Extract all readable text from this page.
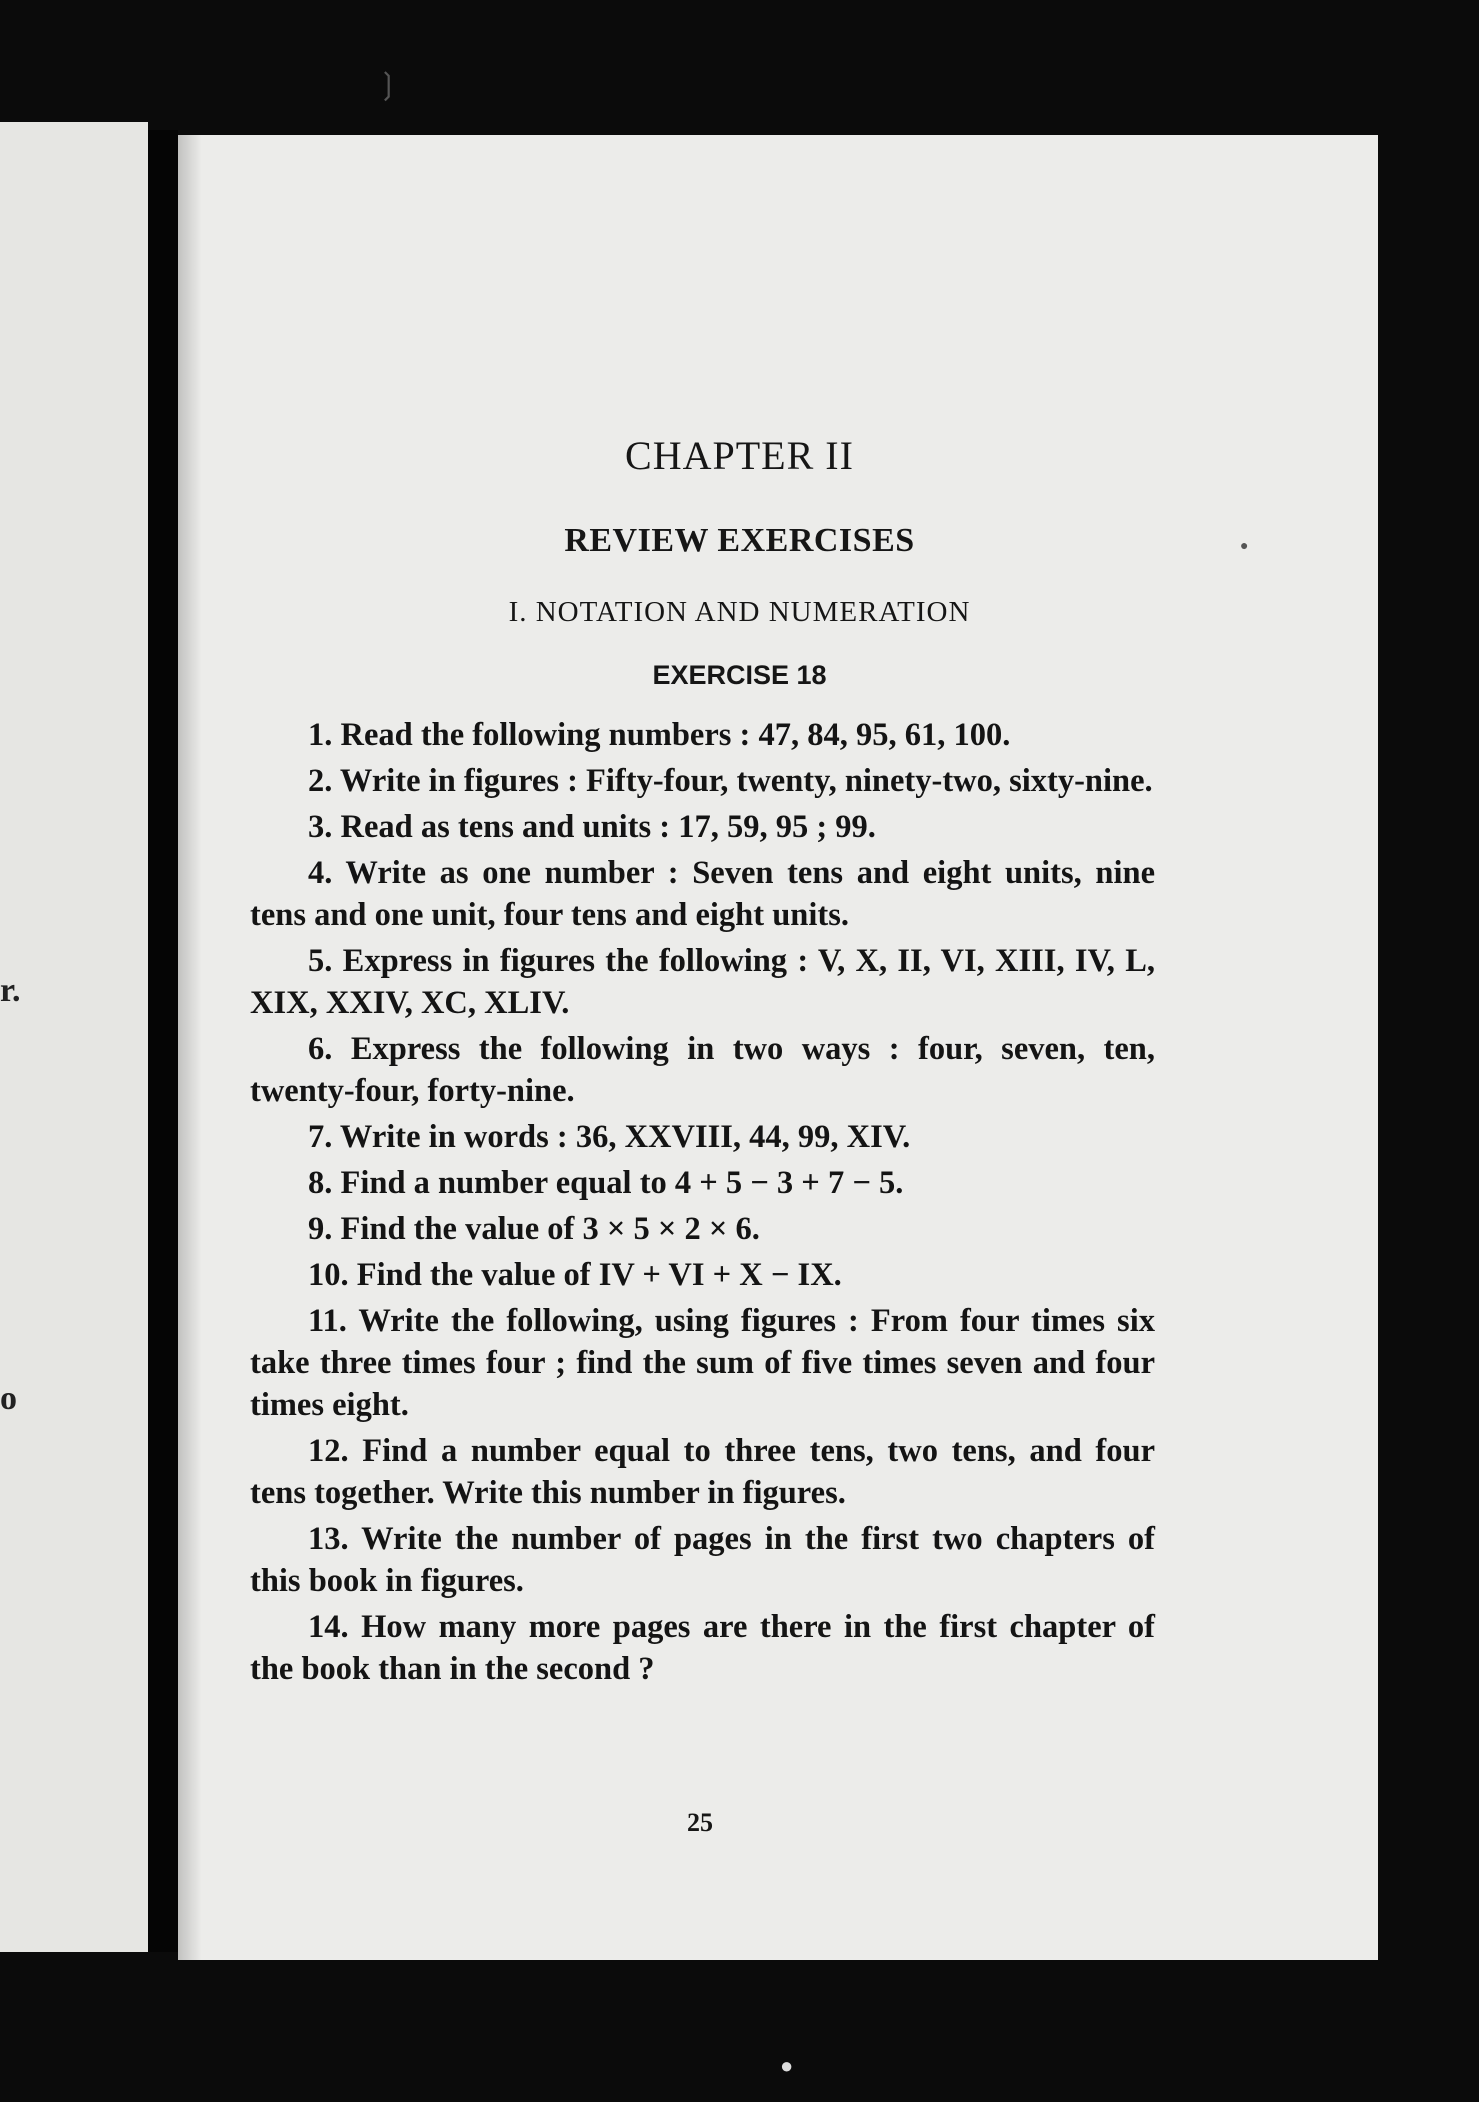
r.
o
❳
●
●
CHAPTER II
REVIEW EXERCISES
I. NOTATION AND NUMERATION
EXERCISE 18

1. Read the following numbers : 47, 84, 95, 61, 100.

2. Write in figures : Fifty-four, twenty, ninety-two, sixty-nine.

3. Read as tens and units : 17, 59, 95 ; 99.

4. Write as one number : Seven tens and eight units, nine tens and one unit, four tens and eight units.

5. Express in figures the following : V, X, II, VI, XIII, IV, L, XIX, XXIV, XC, XLIV.

6. Express the following in two ways : four, seven, ten, twenty-four, forty-nine.

7. Write in words : 36, XXVIII, 44, 99, XIV.

8. Find a number equal to 4 + 5 − 3 + 7 − 5.

9. Find the value of 3 × 5 × 2 × 6.

10. Find the value of IV + VI + X − IX.

11. Write the following, using figures : From four times six take three times four ; find the sum of five times seven and four times eight.

12. Find a number equal to three tens, two tens, and four tens together. Write this number in figures.

13. Write the number of pages in the first two chapters of this book in figures.

14. How many more pages are there in the first chapter of the book than in the second ?

25
